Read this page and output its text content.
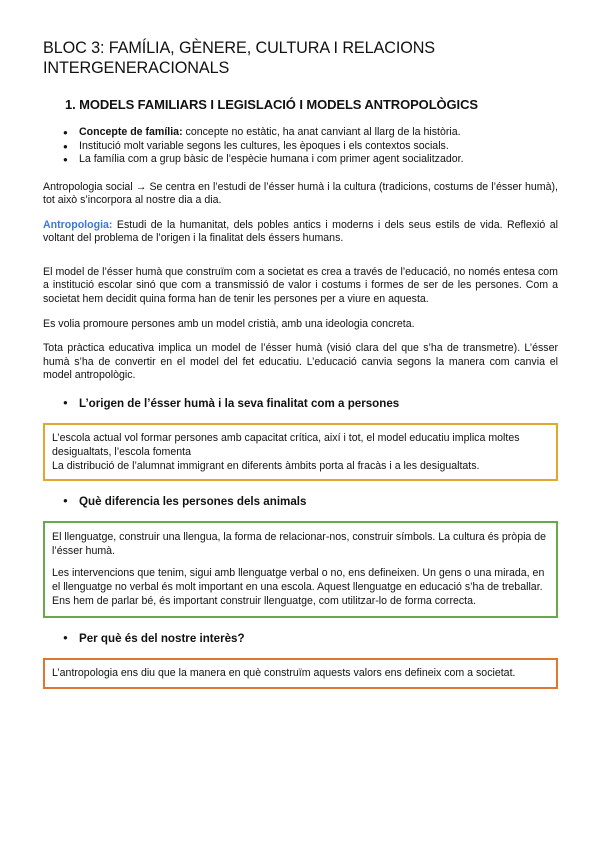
BLOC 3: FAMÍLIA, GÈNERE, CULTURA I RELACIONS INTERGENERACIONALS
1. MODELS FAMILIARS I LEGISLACIÓ I MODELS ANTROPOLÒGICS
● Concepte de família: concepte no estàtic, ha anat canviant al llarg de la història.
● Institució molt variable segons les cultures, les èpoques i els contextos socials.
● La família com a grup bàsic de l’espècie humana i com primer agent socialitzador.

Antropologia social → Se centra en l’estudi de l’ésser humà i la cultura (tradicions, costums de l’ésser humà), tot això s’incorpora al nostre dia a dia.

Antropologia: Estudi de la humanitat, dels pobles antics i moderns i dels seus estils de vida. Reflexió al voltant del problema de l’origen i la finalitat dels éssers humans.

El model de l’ésser humà que construïm com a societat es crea a través de l’educació, no només entesa com a institució escolar sinó que com a transmissió de valor i costums i formes de ser de les persones. Com a societat hem decidit quina forma han de tenir les persones per a viure en aquesta.

Es volia promoure persones amb un model cristià, amb una ideologia concreta.

Tota pràctica educativa implica un model de l’ésser humà (visió clara del que s’ha de transmetre). L’ésser humà s’ha de convertir en el model del fet educatiu. L’educació canvia segons la manera com canvia el model antropològic.

● L’origen de l’ésser humà i la seva finalitat com a persones
L’escola actual vol formar persones amb capacitat crítica, així i tot, el model educatiu implica moltes desigualtats, l’escola fomenta
La distribució de l’alumnat immigrant en diferents àmbits porta al fracàs i a les desigualtats.
● Què diferencia les persones dels animals
El llenguatge, construir una llengua, la forma de relacionar-nos, construir símbols. La cultura és pròpia de l’ésser humà.
Les intervencions que tenim, sigui amb llenguatge verbal o no, ens defineixen. Un gens o una mirada, en el llenguatge no verbal és molt important en una escola. Aquest llenguatge en educació s’ha de treballar.
Ens hem de parlar bé, és important construir llenguatge, com utilitzar-lo de forma correcta.
● Per què és del nostre interès?
L’antropologia ens diu que la manera en què construïm aquests valors ens defineix com a societat.
